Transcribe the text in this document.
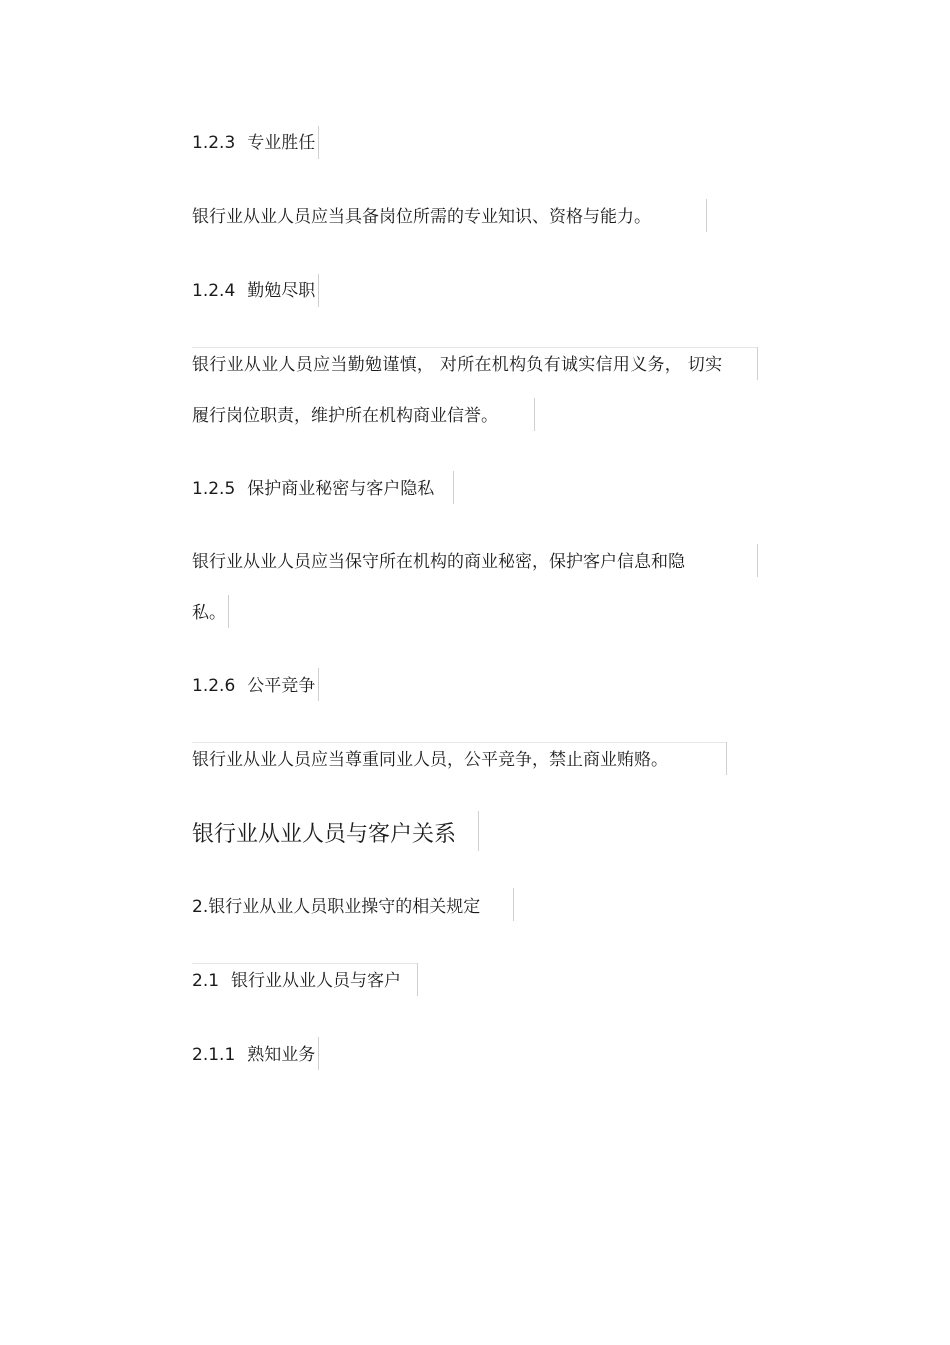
1.2.3 专业胜任
银行业从业人员应当具备岗位所需的专业知识、资格与能力。
1.2.4 勤勉尽职
银行业从业人员应当勤勉谨慎， 对所在机构负有诚实信用义务， 切实
履行岗位职责，维护所在机构商业信誉。
1.2.5 保护商业秘密与客户隐私
银行业从业人员应当保守所在机构的商业秘密，保护客户信息和隐
私。
1.2.6 公平竞争
银行业从业人员应当尊重同业人员，公平竞争，禁止商业贿赂。
银行业从业人员与客户关系
2.银行业从业人员职业操守的相关规定
2.1 银行业从业人员与客户
2.1.1 熟知业务
